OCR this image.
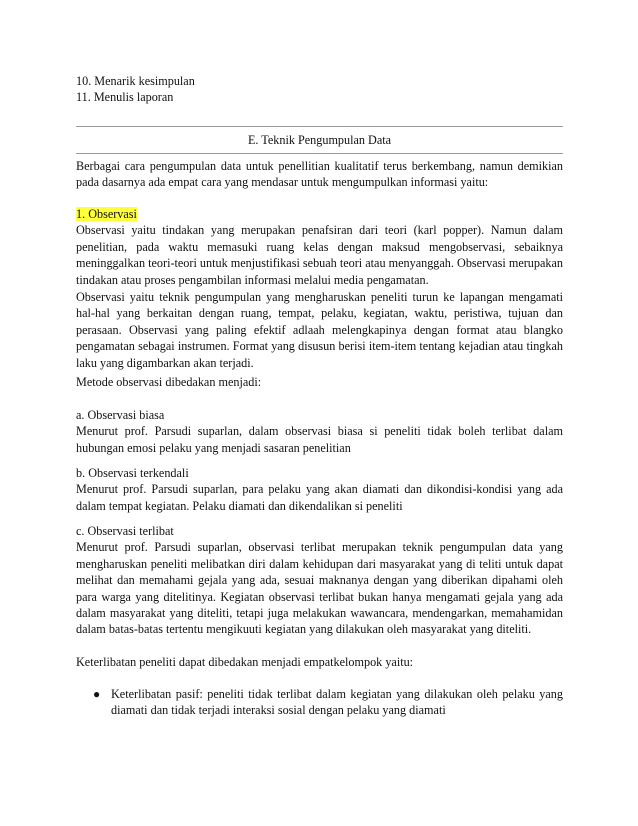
10. Menarik kesimpulan

11. Menulis laporan

E. Teknik Pengumpulan Data

Berbagai cara pengumpulan data untuk penellitian kualitatif terus berkembang, namun demikian pada dasarnya ada empat cara yang mendasar untuk mengumpulkan informasi yaitu:

1. Observasi

Observasi yaitu tindakan yang merupakan penafsiran dari teori (karl popper). Namun dalam penelitian, pada waktu memasuki ruang kelas dengan maksud mengobservasi, sebaiknya meninggalkan teori-teori untuk menjustifikasi sebuah teori atau menyanggah. Observasi merupakan tindakan atau proses pengambilan informasi melalui media pengamatan.

Observasi yaitu teknik pengumpulan yang mengharuskan peneliti turun ke lapangan mengamati hal-hal yang berkaitan dengan ruang, tempat, pelaku, kegiatan, waktu, peristiwa, tujuan dan perasaan. Observasi yang paling efektif adlaah melengkapinya dengan format atau blangko pengamatan sebagai instrumen. Format yang disusun berisi item-item tentang kejadian atau tingkah laku yang digambarkan akan terjadi.

Metode observasi dibedakan menjadi:

a. Observasi biasa

Menurut prof. Parsudi suparlan, dalam observasi biasa si peneliti tidak boleh terlibat dalam hubungan emosi pelaku yang menjadi sasaran penelitian

b. Observasi terkendali

Menurut prof. Parsudi suparlan, para pelaku yang akan diamati dan dikondisi-kondisi yang ada dalam tempat kegiatan. Pelaku diamati dan dikendalikan si peneliti

c. Observasi terlibat

Menurut prof. Parsudi suparlan, observasi terlibat merupakan teknik pengumpulan data yang mengharuskan peneliti melibatkan diri dalam kehidupan dari masyarakat yang di teliti untuk dapat melihat dan memahami gejala yang ada, sesuai maknanya dengan yang diberikan dipahami oleh para warga yang ditelitinya. Kegiatan observasi terlibat bukan hanya mengamati gejala yang ada dalam masyarakat yang diteliti, tetapi juga melakukan wawancara, mendengarkan, memahamidan dalam batas-batas tertentu mengikuuti kegiatan yang dilakukan oleh masyarakat yang diteliti.

Keterlibatan peneliti dapat dibedakan menjadi empatkelompok yaitu:

● Keterlibatan pasif: peneliti tidak terlibat dalam kegiatan yang dilakukan oleh pelaku yang diamati dan tidak terjadi interaksi sosial dengan pelaku yang diamati
